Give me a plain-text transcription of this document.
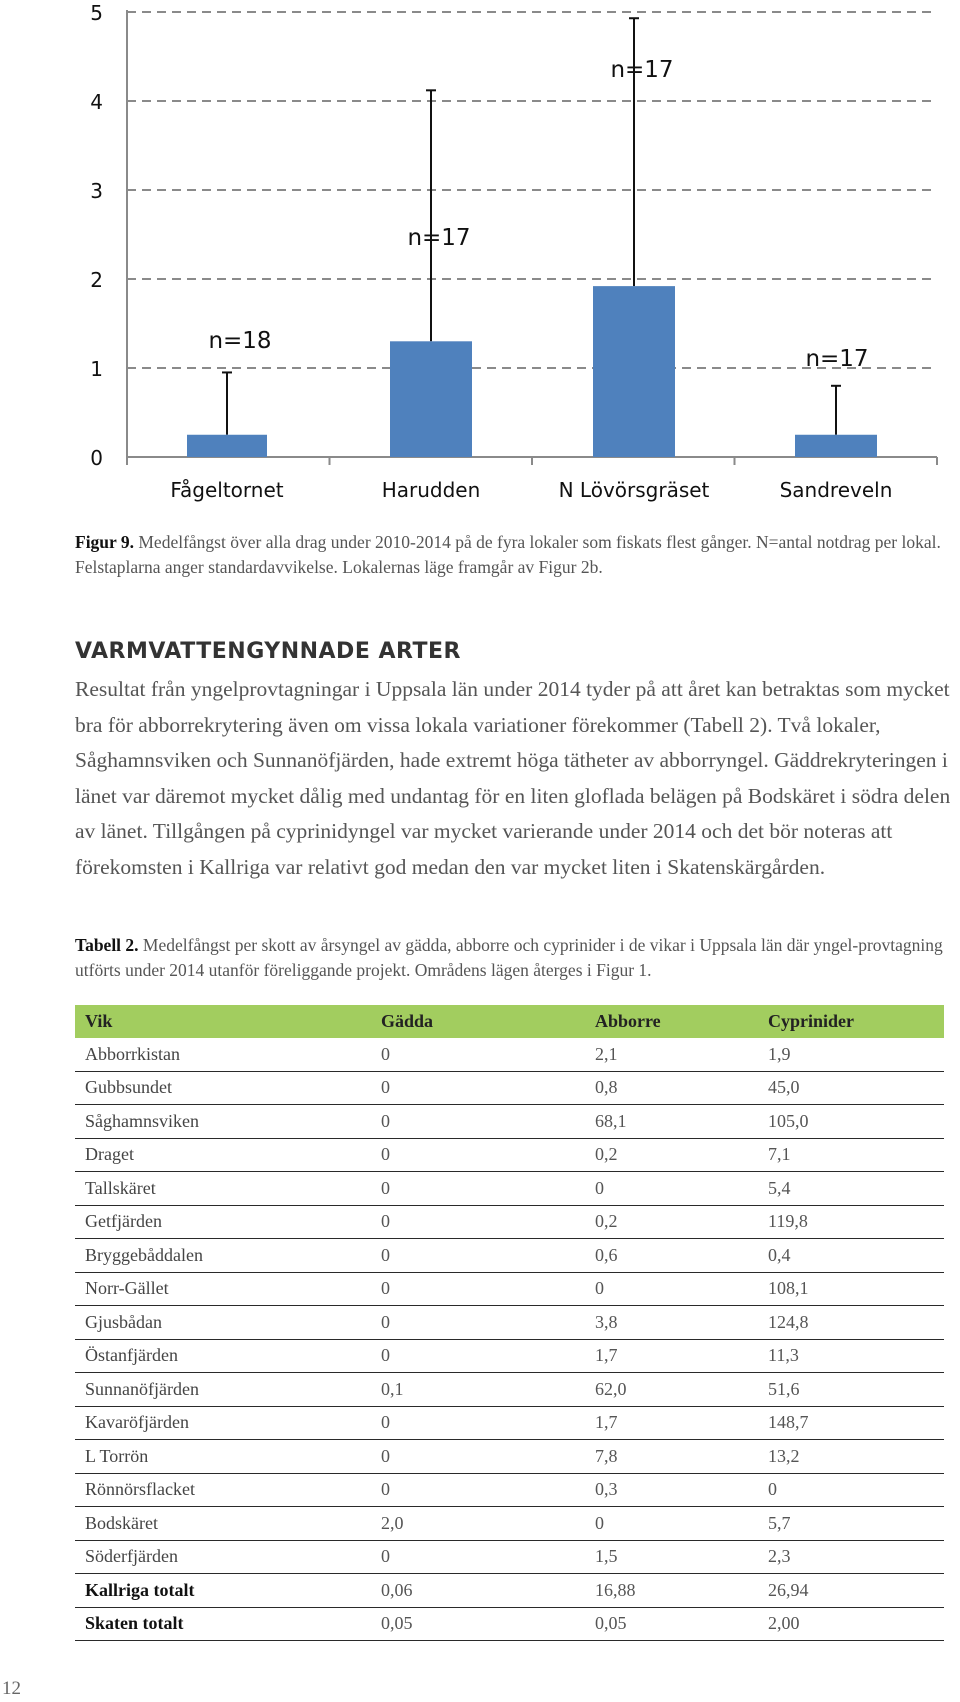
0
1
2
3
4
5
Fågeltornet
n=18
Harudden
n=17
N Lövörsgräset
n=17
Sandreveln
n=17
Figur 9. Medelfångst över alla drag under 2010-2014 på de fyra lokaler som fiskats flest gånger. N=antal notdrag per lokal. Felstaplarna anger standardavvikelse. Lokalernas läge framgår av Figur 2b.
VARMVATTENGYNNADE ARTER

Resultat från yngelprovtagningar i Uppsala län under 2014 tyder på att året kan betraktas som mycket bra för abborrekrytering även om vissa lokala variationer förekommer (Tabell 2). Två lokaler, Såghamnsviken och Sunnanöfjärden, hade extremt höga tätheter av abborryngel. Gäddrekryteringen i länet var däremot mycket dålig med undantag för en liten gloflada belägen på Bodskäret i södra delen av länet. Tillgången på cyprinidyngel var mycket varierande under 2014 och det bör noteras att förekomsten i Kallriga var relativt god medan den var mycket liten i Skatenskärgården.

Tabell 2. Medelfångst per skott av årsyngel av gädda, abborre och cyprinider i de vikar i Uppsala län där yngel-provtagning utförts under 2014 utanför föreliggande projekt. Områdens lägen återges i Figur 1.
Vik	Gädda	Abborre	Cyprinider
Abborrkistan	0	2,1	1,9
Gubbsundet	0	0,8	45,0
Såghamnsviken	0	68,1	105,0
Draget	0	0,2	7,1
Tallskäret	0	0	5,4
Getfjärden	0	0,2	119,8
Bryggebåddalen	0	0,6	0,4
Norr-Gället	0	0	108,1
Gjusbådan	0	3,8	124,8
Östanfjärden	0	1,7	11,3
Sunnanöfjärden	0,1	62,0	51,6
Kavaröfjärden	0	1,7	148,7
L Torrön	0	7,8	13,2
Rönnörsflacket	0	0,3	0
Bodskäret	2,0	0	5,7
Söderfjärden	0	1,5	2,3
Kallriga totalt	0,06	16,88	26,94
Skaten totalt	0,05	0,05	2,00
12
